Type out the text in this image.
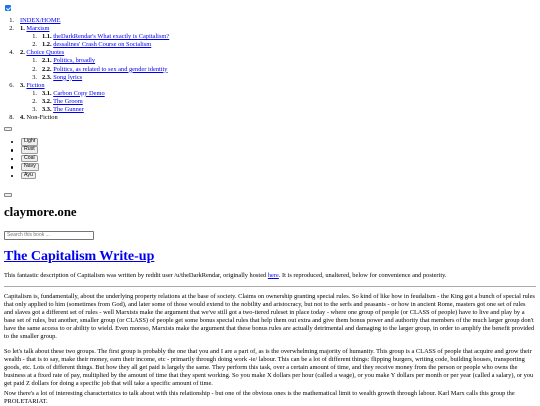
1. INDEX/HOME
2. 1. Marxism
1. 1.1. theDarkRendar's What exactly is Capitalism?
2. 1.2. dessalines' Crash Course on Socialism
4. 2. Choice Quotes
1. 2.1. Politics, broadly
2. 2.2. Politics, as related to sex and gender identity
3. 2.3. Song lyrics
6. 3. Fiction
1. 3.1. Carbon Copy Demo
2. 3.2. The Groom
3. 3.3. The Gunner
8. 4. Non-Fiction
Light
Rust
Coal
Navy
Ayu
claymore.one
Search this book ...
The Capitalism Write-up

This fantastic description of Capitalism was written by reddit user /u/theDarkRendar, originally hosted here. It is reproduced, unaltered, below for convenience and posterity.

Capitalism is, fundamentally, about the underlying property relations at the base of society. Claims on ownership granting special rules. So kind of like how in feudalism - the King got a bunch of special rules that only applied to him (sometimes from God), and later some of those would extend to the nobility and aristocracy, but not to the serfs and peasants - or how in ancient Rome, masters got one set of rules and slaves got a different set of rules - well Marxists make the argument that we've still got a two-tiered ruleset in place today - where one group of people (or CLASS of people) have to live and play by a base set of rules, but another, smaller group (or CLASS) of people get some bonus special rules that help them out extra and give them bonus power and authority that members of the much larger group don't have the same access to or ability to wield. Even moreso, Marxists make the argument that these bonus rules are actually detrimental and damaging to the larger group, in order to amplify the benefit provided to the smaller group.

So let's talk about these two groups. The first group is probably the one that you and I are a part of, as is the overwhelming majority of humanity. This group is a CLASS of people that acquire and grow their wealth - that is to say, make their money, earn their income, etc - primarily through doing work -ie/ labour. This can be a lot of different things: flipping burgers, writing code, building houses, transporting goods, etc. Lots of different things. But how they all get paid is largely the same. They perform this task, over a certain amount of time, and they receive money from the person or people who owns the business at a fixed rate of pay, multiplied by the amount of time that they spent working. So you make X dollars per hour (called a wage), or you make Y dollars per month or per year (called a salary), or you get paid Z dollars for doing a specific job that will take a specific amount of time.

Now there's a lot of interesting characteristics to talk about with this relationship - but one of the obvious ones is the mathematical limit to wealth growth through labour. Karl Marx calls this group the PROLETARIAT.
